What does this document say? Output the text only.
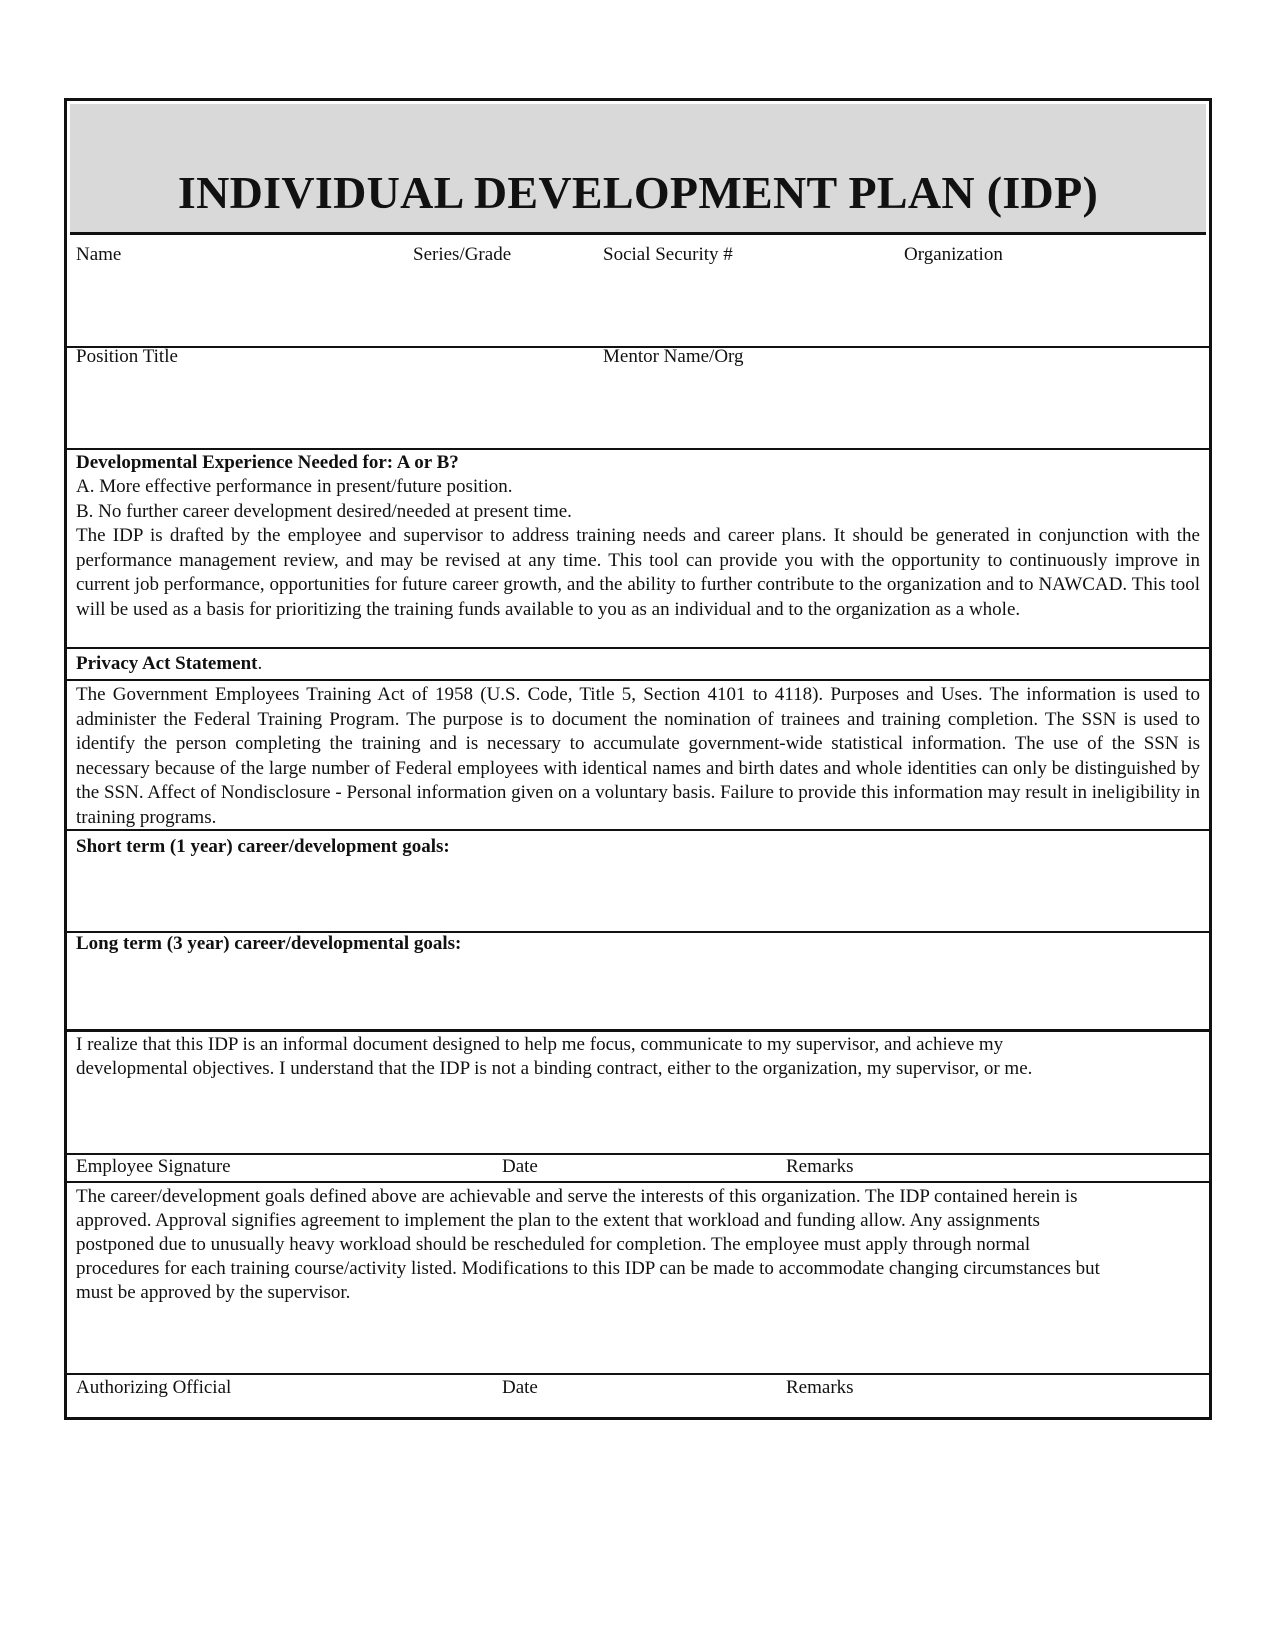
INDIVIDUAL DEVELOPMENT PLAN (IDP)
Name	Series/Grade	Social Security #	Organization
Position Title	Mentor Name/Org
Developmental Experience Needed for: A or B?
A. More effective performance in present/future position.
B. No further career development desired/needed at present time.
The IDP is drafted by the employee and supervisor to address training needs and career plans. It should be generated in conjunction with the performance management review, and may be revised at any time. This tool can provide you with the opportunity to continuously improve in current job performance, opportunities for future career growth, and the ability to further contribute to the organization and to NAWCAD. This tool will be used as a basis for prioritizing the training funds available to you as an individual and to the organization as a whole.
Privacy Act Statement.
The Government Employees Training Act of 1958 (U.S. Code, Title 5, Section 4101 to 4118). Purposes and Uses. The information is used to administer the Federal Training Program. The purpose is to document the nomination of trainees and training completion. The SSN is used to identify the person completing the training and is necessary to accumulate government-wide statistical information. The use of the SSN is necessary because of the large number of Federal employees with identical names and birth dates and whole identities can only be distinguished by the SSN. Affect of Nondisclosure - Personal information given on a voluntary basis. Failure to provide this information may result in ineligibility in training programs.
Short term (1 year) career/development goals:
Long term (3 year) career/developmental goals:
I realize that this IDP is an informal document designed to help me focus, communicate to my supervisor, and achieve my
developmental objectives. I understand that the IDP is not a binding contract, either to the organization, my supervisor, or me.
Employee Signature	Date	Remarks
The career/development goals defined above are achievable and serve the interests of this organization. The IDP contained herein is
approved. Approval signifies agreement to implement the plan to the extent that workload and funding allow. Any assignments
postponed due to unusually heavy workload should be rescheduled for completion. The employee must apply through normal
procedures for each training course/activity listed. Modifications to this IDP can be made to accommodate changing circumstances but
must be approved by the supervisor.
Authorizing Official	Date	Remarks
